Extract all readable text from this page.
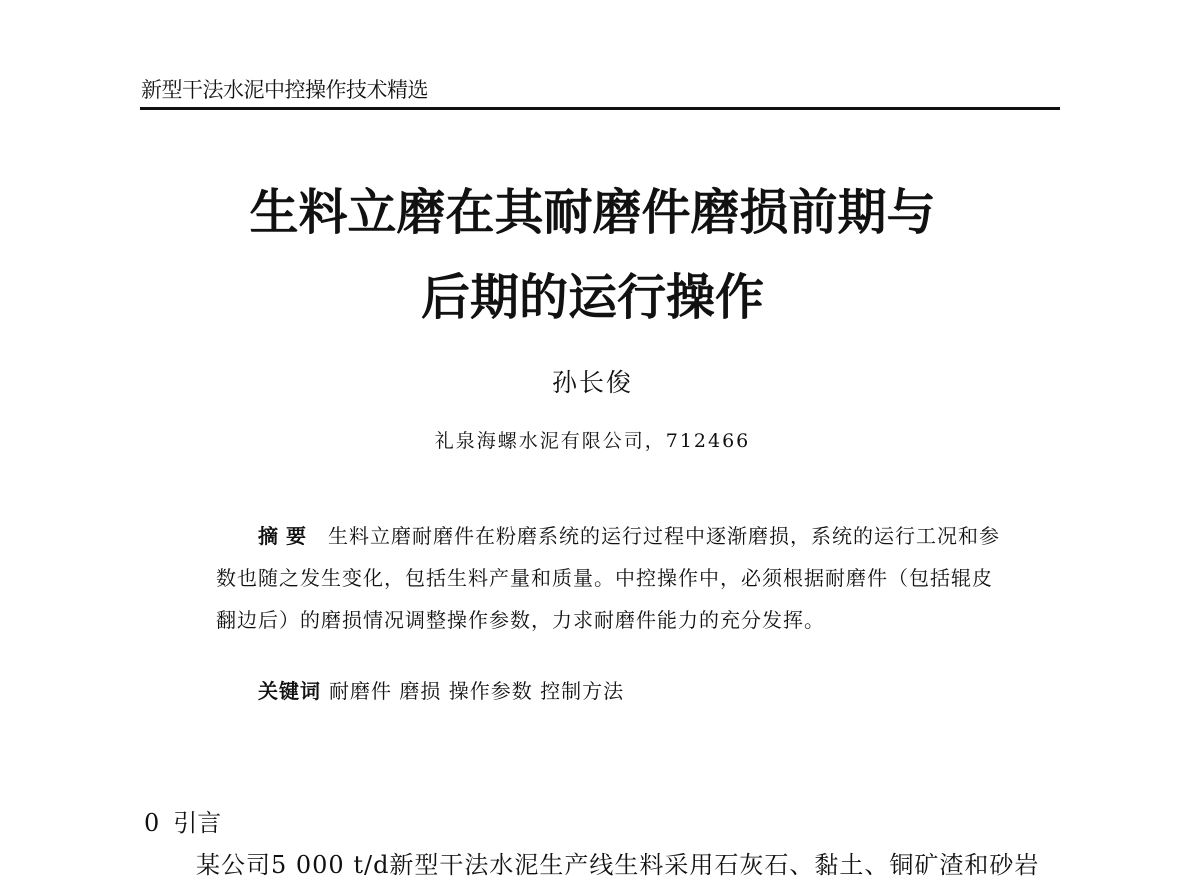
新型干法水泥中控操作技术精选
生料立磨在其耐磨件磨损前期与
后期的运行操作
孙长俊
礼泉海螺水泥有限公司，712466
摘要 生料立磨耐磨件在粉磨系统的运行过程中逐渐磨损，系统的运行工况和参数也随之发生变化，包括生料产量和质量。中控操作中，必须根据耐磨件（包括辊皮翻边后）的磨损情况调整操作参数，力求耐磨件能力的充分发挥。
关键词 耐磨件 磨损 操作参数 控制方法
0 引言
某公司5 000 t/d新型干法水泥生产线生料采用石灰石、黏土、铜矿渣和砂岩
